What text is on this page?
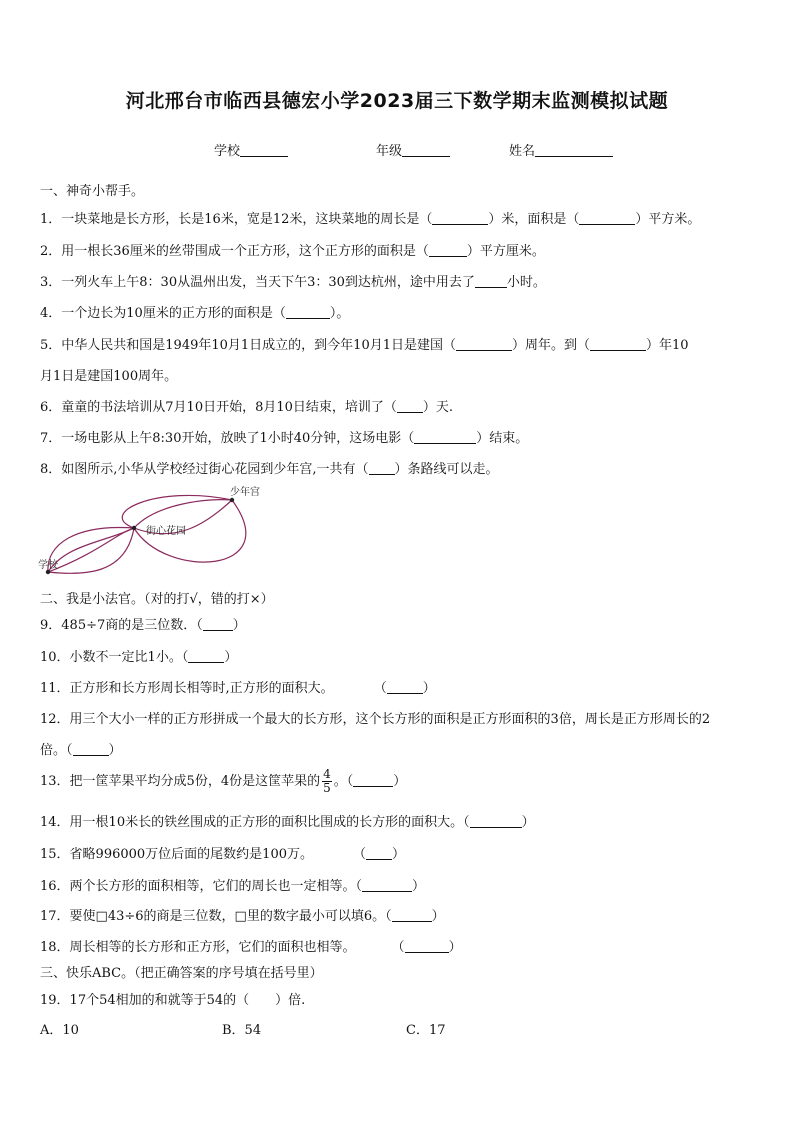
河北邢台市临西县德宏小学2023届三下数学期末监测模拟试题
学校	年级	姓名
一、神奇小帮手。
1．一块菜地是长方形，长是16米，宽是12米，这块菜地的周长是（	）米，面积是（	）平方米。
2．用一根长36厘米的丝带围成一个正方形，这个正方形的面积是（	）平方厘米。
3．一列火车上午8：30从温州出发，当天下午3：30到达杭州，途中用去了 小时。
4．一个边长为10厘米的正方形的面积是（	）。
5．中华人民共和国是1949年10月1日成立的，到今年10月1日是建国（	）周年。到（	）年10
月1日是建国100周年。
6．童童的书法培训从7月10日开始，8月10日结束，培训了（ ）天.
7．一场电影从上午8:30开始，放映了1小时40分钟，这场电影（	）结束。
8．如图所示,小华从学校经过街心花园到少年宫,一共有（ ）条路线可以走。
学校
街心花园
少年宫
二、我是小法官。（对的打√，错的打×）
9．485÷7商的是三位数．（ ）
10．小数不一定比1小。（	）
11．正方形和长方形周长相等时,正方形的面积大。	（	）
12．用三个大小一样的正方形拼成一个最大的长方形，这个长方形的面积是正方形面积的3倍，周长是正方形周长的2
倍。（	）
13．把一筐苹果平均分成5份，4份是这筐苹果的 $\frac{4}{5}$ 。（	）
14．用一根10米长的铁丝围成的正方形的面积比围成的长方形的面积大。（	）
15．省略996000万位后面的尾数约是100万。	（ ）
16．两个长方形的面积相等，它们的周长也一定相等。（	）
17．要使□43÷6的商是三位数，□里的数字最小可以填6。（	）
18．周长相等的长方形和正方形，它们的面积也相等。	（	）
三、快乐ABC。（把正确答案的序号填在括号里）
19．17个54相加的和就等于54的（　　）倍.
A．10	B．54	C．17
